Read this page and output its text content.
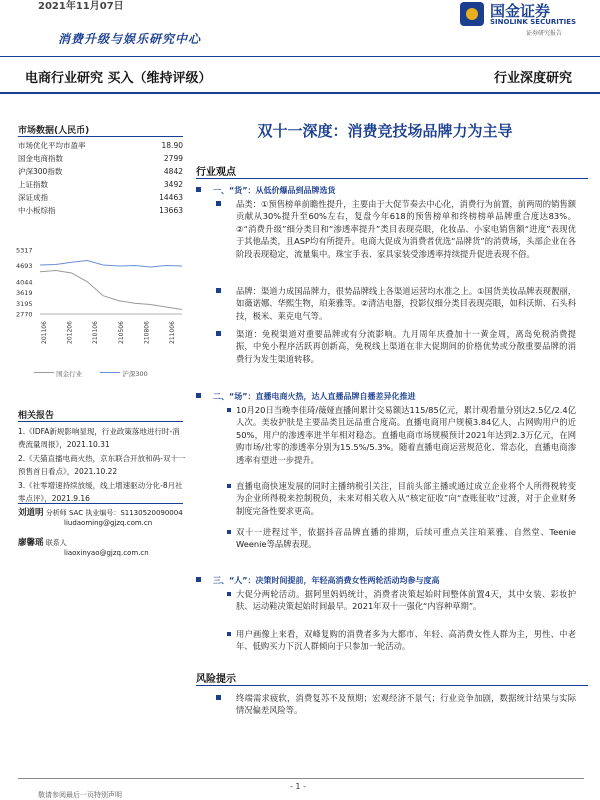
2021年11月07日
消费升级与娱乐研究中心
国金证券
SINOLINK SECURITIES
证券研究报告
电商行业研究 买入（维持评级）	行业深度研究
市场数据(人民币)
市场优化平均市盈率	18.90
国金电商指数	2799
沪深300指数	4842
上证指数	3492
深证成指	14463
中小板综指	13663
5317
4693
4044
3619
3195
2770
201106	201206	210106	210506	210806	211006
国金行业	沪深300
相关报告

1.《IDFA新规影响显现，行业政策落地进行时-消费流量周报》，2021.10.31

2.《天猫直播电商火热，京东联合开放和码-双十一预售首日看点》，2021.10.22

3.《社零增速持续放缓，线上增速驱动分化-8月社零点评》，2021.9.16

刘道明 分析师 SAC 执业编号：S1130520090004
liudaoming@gjzq.com.cn
廖馨瑶 联系人
liaoxinyao@gjzq.com.cn
双十一深度：消费竞技场品牌力为主导
行业观点
一、“货”：从低价爆品到品牌选货
品类：①预售榜单前瞻性提升，主要由于大促节奏去中心化，消费行为前置，前两周的销售额贡献从30%提升至60%左右，复盘今年618的预售榜单和终榜榜单品牌重合度达83%。②“消费升级”细分类目和“渗透率提升”类目表现亮眼，化妆品、小家电销售额“进度”表现优于其他品类，且ASP均有所提升。电商大促成为消费者优选“品牌货”的消费场，头部企业在各阶段表现稳定，流量集中。珠宝手表、家具家装受渗透率持续提升促进表现不俗。
品牌：渠道力成国品牌力，很势品牌线上各渠道运营均水准之上。①国货美妆品牌表现靓丽，如薇诺娜、华熙生物，珀莱雅等。②清洁电器，投影仪细分类目表现亮眼，如科沃斯、石头科技，极米、莱克电气等。
渠道：免税渠道对重要品牌或有分流影响。九月周年庆叠加十一黄金周，离岛免税消费提振，中免小程序活跃再创新高，免税线上渠道在非大促期间的价格优势或分散重要品牌的消费行为发生渠道转移。
二、“场”：直播电商火热，达人直播品牌自播差异化推进
10月20日当晚李佳琦/薇娅直播间累计交易额达115/85亿元，累计观看量分别达2.5亿/2.4亿人次。美妆护肤是主要品类且远品重合度高。直播电商用户规模3.84亿人，占网购用户的近50%，用户的渗透率进半年相对稳态。直播电商市场规模预计2021年达到2.3万亿元，在网购市场/社零的渗透率分别为15.5%/5.3%。随着直播电商运营规范化、常态化，直播电商渗透率有望进一步提升。
直播电商快速发展的同时主播纳税引关注，目前头部主播或通过成立企业将个人所得税转变为企业所得税来控制税负，未来对相关收入从“核定征收”向“查账征收”过渡，对于企业财务制度完备性要求更高。
双十一进程过半，依据抖音品牌直播的排期，后续可重点关注珀莱雅、自然堂、Teenie Weenie等品牌表现。
三、“人”：决策时间提前，年轻高消费女性两轮活动均参与度高
大促分两轮活动。据阿里妈妈统计，消费者决策起始时间整体前置4天，其中女装、彩妆护肤、运动鞋决策起始时间最早。2021年双十一强化“内容种草期”。
用户画像上来看，双峰复购的消费者多为大都市、年轻、高消费女性人群为主，男性、中老年、低购买力下沉人群倾向于只参加一轮活动。
风险提示
终端需求疲软，消费复苏不及预期；宏观经济不景气；行业竞争加剧，数据统计结果与实际情况偏差风险等。
- 1 -
敬请参阅最后一页特别声明
